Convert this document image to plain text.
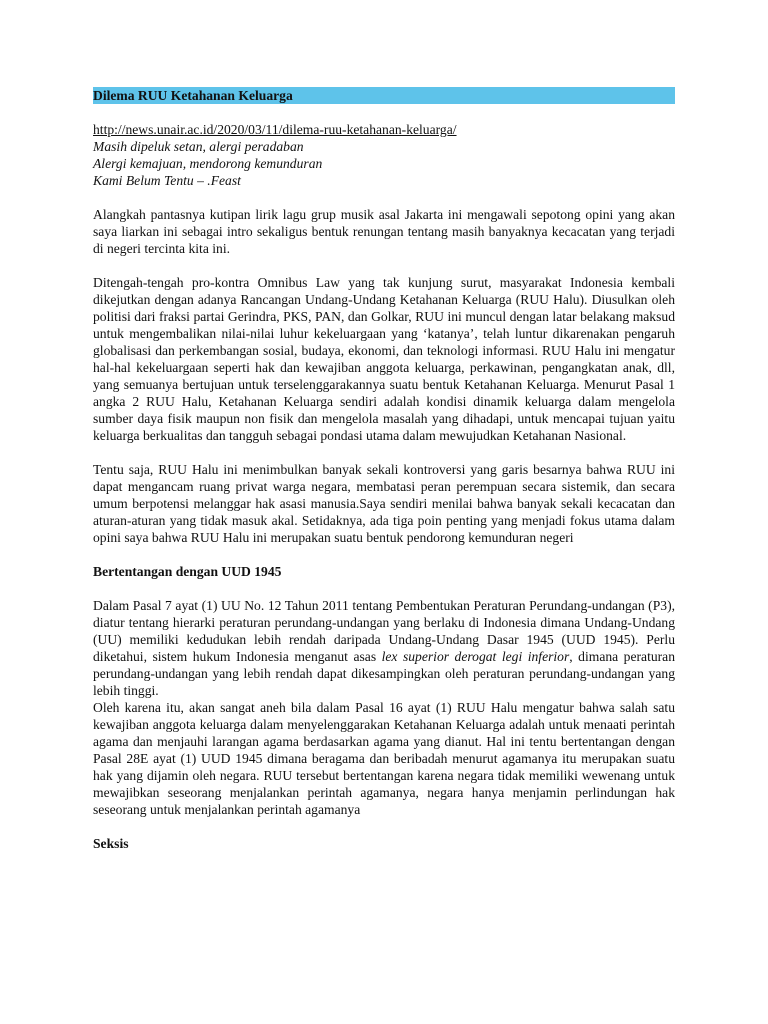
Dilema RUU Ketahanan Keluarga
http://news.unair.ac.id/2020/03/11/dilema-ruu-ketahanan-keluarga/
Masih dipeluk setan, alergi peradaban
Alergi kemajuan, mendorong kemunduran
Kami Belum Tentu – .Feast

Alangkah pantasnya kutipan lirik lagu grup musik asal Jakarta ini mengawali sepotong opini yang akan saya liarkan ini sebagai intro sekaligus bentuk renungan tentang masih banyaknya kecacatan yang terjadi di negeri tercinta kita ini.

Ditengah-tengah pro-kontra Omnibus Law yang tak kunjung surut, masyarakat Indonesia kembali dikejutkan dengan adanya Rancangan Undang-Undang Ketahanan Keluarga (RUU Halu). Diusulkan oleh politisi dari fraksi partai Gerindra, PKS, PAN, dan Golkar, RUU ini muncul dengan latar belakang maksud untuk mengembalikan nilai-nilai luhur kekeluargaan yang ‘katanya’, telah luntur dikarenakan pengaruh globalisasi dan perkembangan sosial, budaya, ekonomi, dan teknologi informasi. RUU Halu ini mengatur hal-hal kekeluargaan seperti hak dan kewajiban anggota keluarga, perkawinan, pengangkatan anak, dll, yang semuanya bertujuan untuk terselenggarakannya suatu bentuk Ketahanan Keluarga. Menurut Pasal 1 angka 2 RUU Halu, Ketahanan Keluarga sendiri adalah kondisi dinamik keluarga dalam mengelola sumber daya fisik maupun non fisik dan mengelola masalah yang dihadapi, untuk mencapai tujuan yaitu keluarga berkualitas dan tangguh sebagai pondasi utama dalam mewujudkan Ketahanan Nasional.

Tentu saja, RUU Halu ini menimbulkan banyak sekali kontroversi yang garis besarnya bahwa RUU ini dapat mengancam ruang privat warga negara, membatasi peran perempuan secara sistemik, dan secara umum berpotensi melanggar hak asasi manusia.Saya sendiri menilai bahwa banyak sekali kecacatan dan aturan-aturan yang tidak masuk akal. Setidaknya, ada tiga poin penting yang menjadi fokus utama dalam opini saya bahwa RUU Halu ini merupakan suatu bentuk pendorong kemunduran negeri

Bertentangan dengan UUD 1945

Dalam Pasal 7 ayat (1) UU No. 12 Tahun 2011 tentang Pembentukan Peraturan Perundang-undangan (P3), diatur tentang hierarki peraturan perundang-undangan yang berlaku di Indonesia dimana Undang-Undang (UU) memiliki kedudukan lebih rendah daripada Undang-Undang Dasar 1945 (UUD 1945). Perlu diketahui, sistem hukum Indonesia menganut asas lex superior derogat legi inferior, dimana peraturan perundang-undangan yang lebih rendah dapat dikesampingkan oleh peraturan perundang-undangan yang lebih tinggi.

Oleh karena itu, akan sangat aneh bila dalam Pasal 16 ayat (1) RUU Halu mengatur bahwa salah satu kewajiban anggota keluarga dalam menyelenggarakan Ketahanan Keluarga adalah untuk menaati perintah agama dan menjauhi larangan agama berdasarkan agama yang dianut. Hal ini tentu bertentangan dengan Pasal 28E ayat (1) UUD 1945 dimana beragama dan beribadah menurut agamanya itu merupakan suatu hak yang dijamin oleh negara. RUU tersebut bertentangan karena negara tidak memiliki wewenang untuk mewajibkan seseorang menjalankan perintah agamanya, negara hanya menjamin perlindungan hak seseorang untuk menjalankan perintah agamanya

Seksis
